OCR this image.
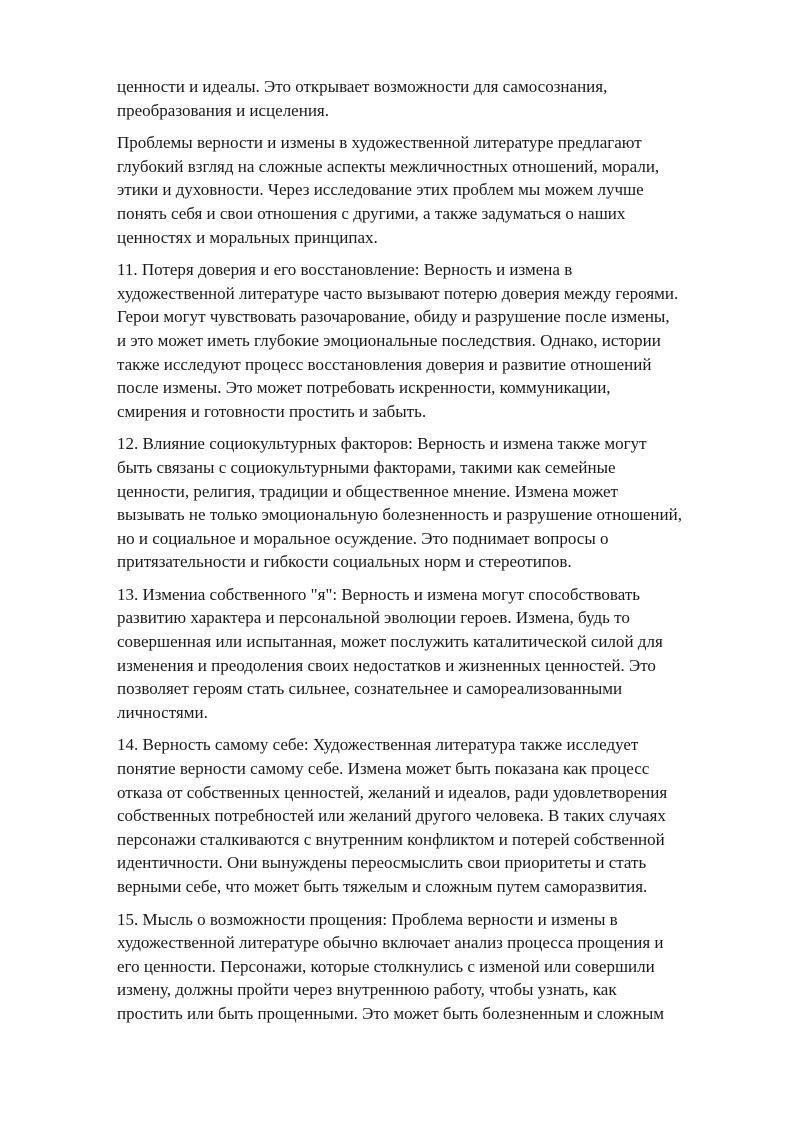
ценности и идеалы. Это открывает возможности для самосознания,
преобразования и исцеления.

Проблемы верности и измены в художественной литературе предлагают
глубокий взгляд на сложные аспекты межличностных отношений, морали,
этики и духовности. Через исследование этих проблем мы можем лучше
понять себя и свои отношения с другими, а также задуматься о наших
ценностях и моральных принципах.

11. Потеря доверия и его восстановление: Верность и измена в
художественной литературе часто вызывают потерю доверия между героями.
Герои могут чувствовать разочарование, обиду и разрушение после измены,
и это может иметь глубокие эмоциональные последствия. Однако, истории
также исследуют процесс восстановления доверия и развитие отношений
после измены. Это может потребовать искренности, коммуникации,
смирения и готовности простить и забыть.

12. Влияние социокультурных факторов: Верность и измена также могут
быть связаны с социокультурными факторами, такими как семейные
ценности, религия, традиции и общественное мнение. Измена может
вызывать не только эмоциональную болезненность и разрушение отношений,
но и социальное и моральное осуждение. Это поднимает вопросы о
притязательности и гибкости социальных норм и стереотипов.

13. Измениа собственного "я": Верность и измена могут способствовать
развитию характера и персональной эволюции героев. Измена, будь то
совершенная или испытанная, может послужить каталитической силой для
изменения и преодоления своих недостатков и жизненных ценностей. Это
позволяет героям стать сильнее, сознательнее и самореализованными
личностями.

14. Верность самому себе: Художественная литература также исследует
понятие верности самому себе. Измена может быть показана как процесс
отказа от собственных ценностей, желаний и идеалов, ради удовлетворения
собственных потребностей или желаний другого человека. В таких случаях
персонажи сталкиваются с внутренним конфликтом и потерей собственной
идентичности. Они вынуждены переосмыслить свои приоритеты и стать
верными себе, что может быть тяжелым и сложным путем саморазвития.

15. Мысль о возможности прощения: Проблема верности и измены в
художественной литературе обычно включает анализ процесса прощения и
его ценности. Персонажи, которые столкнулись с изменой или совершили
измену, должны пройти через внутреннюю работу, чтобы узнать, как
простить или быть прощенными. Это может быть болезненным и сложным
